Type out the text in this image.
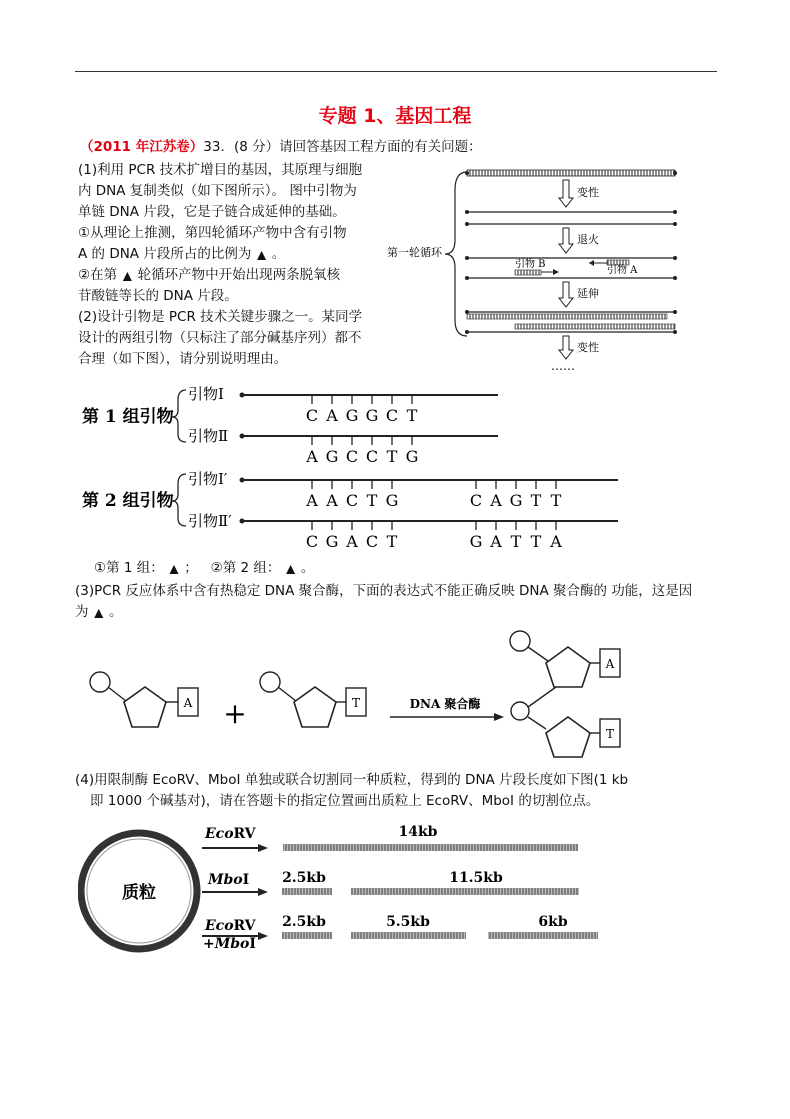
专题 1、基因工程
（2011 年江苏卷）33．(8 分）请回答基因工程方面的有关问题：
(1)利用 PCR 技术扩增目的基因，其原理与细胞
内 DNA 复制类似（如下图所示）。 图中引物为
单链 DNA 片段，它是子链合成延伸的基础。
①从理论上推测，第四轮循环产物中含有引物
A 的 DNA 片段所占的比例为 ▲ 。
②在第 ▲ 轮循环产物中开始出现两条脱氧核
苷酸链等长的 DNA 片段。
(2)设计引物是 PCR 技术关键步骤之一。某同学
设计的两组引物（只标注了部分碱基序列）都不
合理（如下图），请分别说明理由。
第一轮循环
变性
退火
引物 A
引物 B
延伸
变性
……
第 1 组引物
引物Ⅰ
C A G G C T
引物Ⅱ
A G C C T G
第 2 组引物
引物Ⅰ′
A A C T G	C A G T T
引物Ⅱ′
C G A C T	G A T T A
①第 1 组： ▲ ； ②第 2 组： ▲ 。
(3)PCR 反应体系中含有热稳定 DNA 聚合酶，下面的表达式不能正确反映 DNA 聚合酶的 功能，这是因
为 ▲ 。
A +	T	DNA 聚合酶
A
T
(4)用限制酶 EcoRV、MboI 单独或联合切割同一种质粒，得到的 DNA 片段长度如下图(1 kb
即 1000 个碱基对)，请在答题卡的指定位置画出质粒上 EcoRV、MboI 的切割位点。
质粒
EcoRV	14kb
MboI 2.5kb	11.5kb
EcoRV
+MboI
2.5kb	5.5kb	6kb
